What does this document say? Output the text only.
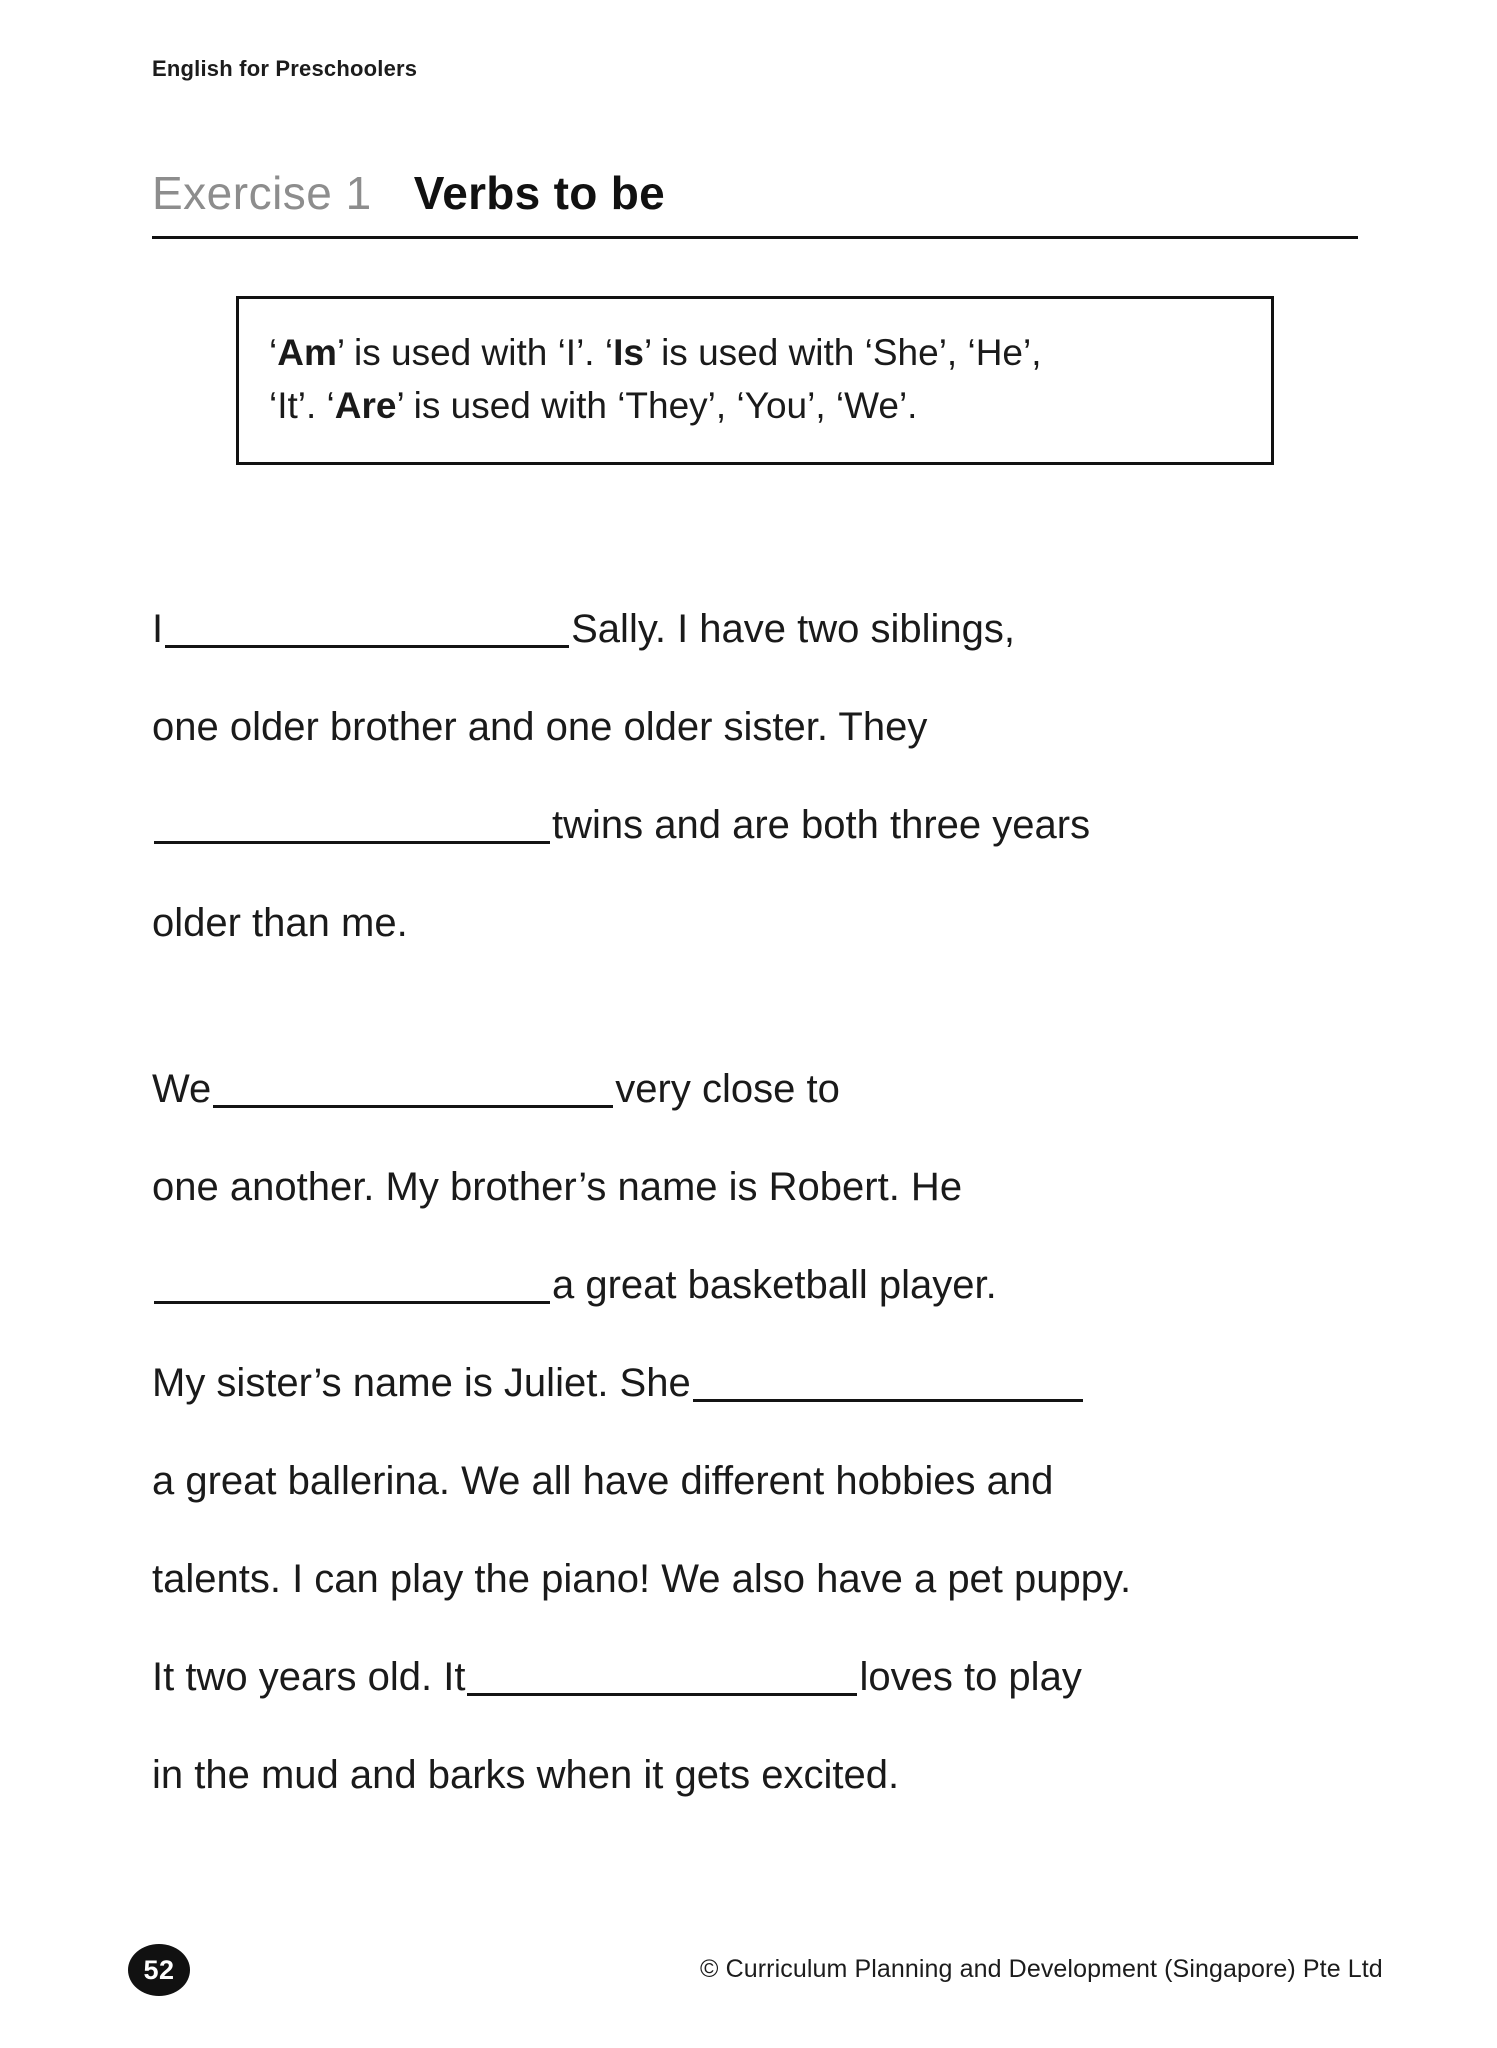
English for Preschoolers
Exercise 1 Verbs to be
‘Am’ is used with ‘I’. ‘Is’ is used with ‘She’, ‘He’,
‘It’. ‘Are’ is used with ‘They’, ‘You’, ‘We’.
I	Sally. I have two siblings,
one older brother and one older sister. They
twins and are both three years
older than me.
We	very close to
one another. My brother’s name is Robert. He
a great basketball player.
My sister’s name is Juliet. She
a great ballerina. We all have different hobbies and
talents. I can play the piano! We also have a pet puppy.
It two years old. It	loves to play
in the mud and barks when it gets excited.
52	© Curriculum Planning and Development (Singapore) Pte Ltd
